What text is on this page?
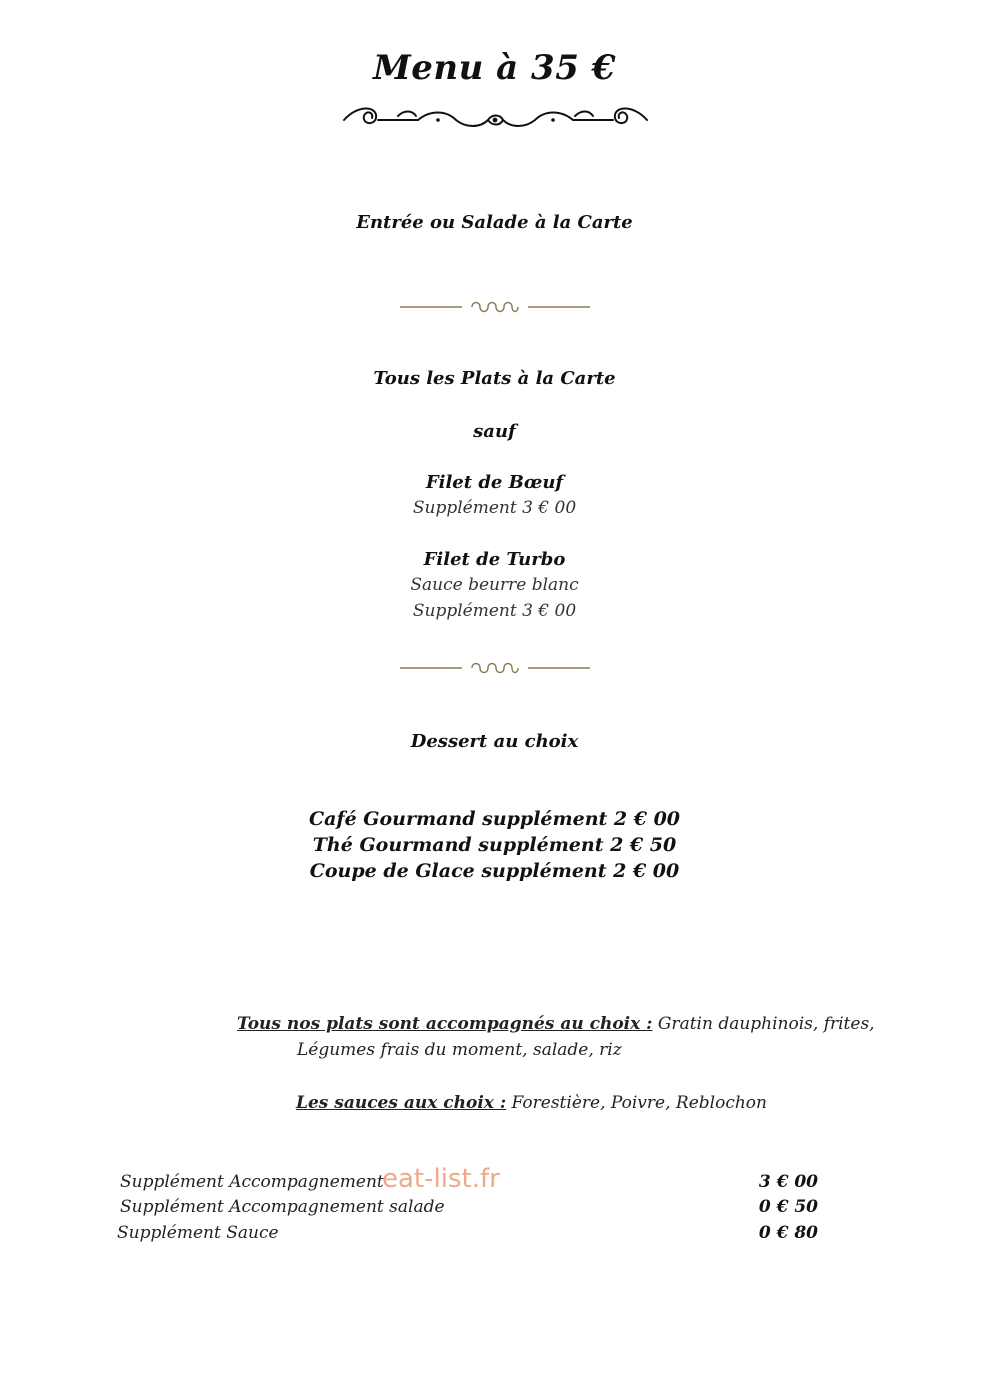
Menu à 35 €
Entrée ou Salade à la Carte
Tous les Plats à la Carte
sauf
Filet de Bœuf
Supplément 3 € 00
Filet de Turbo
Sauce beurre blanc
Supplément 3 € 00
Dessert au choix
Café Gourmand supplément 2 € 00
Thé Gourmand supplément 2 € 50
Coupe de Glace supplément 2 € 00
Tous nos plats sont accompagnés au choix : Gratin dauphinois, frites,
Légumes frais du moment, salade, riz
Les sauces aux choix : Forestière, Poivre, Reblochon
Supplément Accompagnement	3 € 00
eat-list.fr
Supplément Accompagnement salade	0 € 50
Supplément Sauce	0 € 80
